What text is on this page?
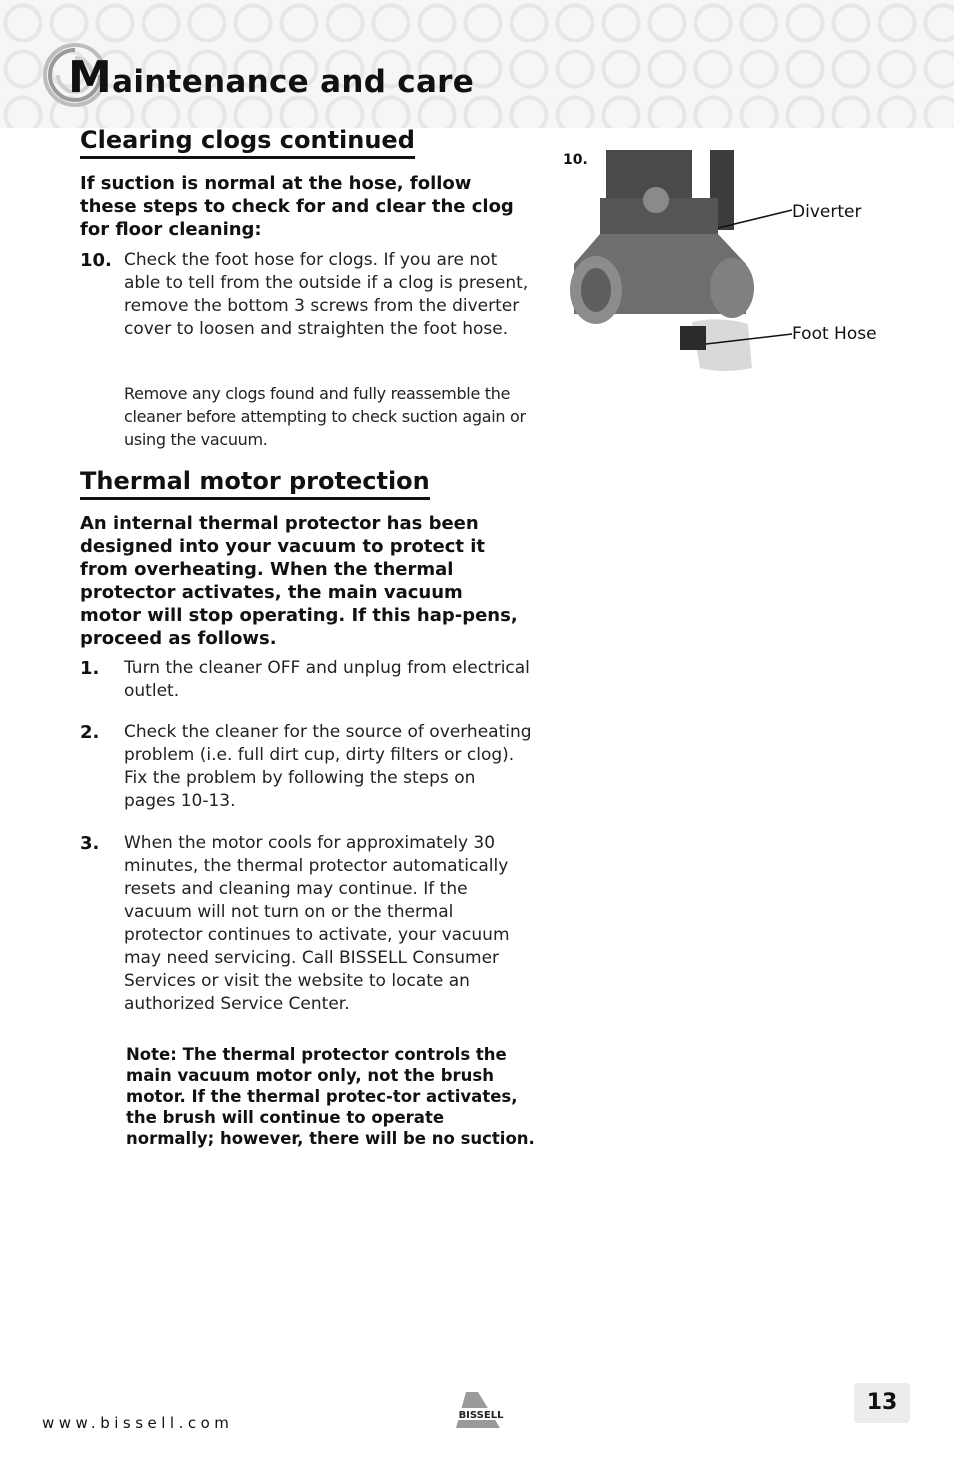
Maintenance and care
Clearing clogs continued

If suction is normal at the hose, follow these steps to check for and clear the clog for floor cleaning:

10. Check the foot hose for clogs. If you are not able to tell from the outside if a clog is present, remove the bottom 3 screws from the diverter cover to loosen and straighten the foot hose.

Remove any clogs found and fully reassemble the cleaner before attempting to check suction again or using the vacuum.

10.
Diverter
Foot Hose
Thermal motor protection

An internal thermal protector has been designed into your vacuum to protect it from overheating. When the thermal protector activates, the main vacuum motor will stop operating. If this hap-pens, proceed as follows.

1. Turn the cleaner OFF and unplug from electrical outlet.

2. Check the cleaner for the source of overheating problem (i.e. full dirt cup, dirty filters or clog). Fix the problem by following the steps on pages 10-13.

3. When the motor cools for approximately 30 minutes, the thermal protector automatically resets and cleaning may continue. If the vacuum will not turn on or the thermal protector continues to activate, your vacuum may need servicing. Call BISSELL Consumer Services or visit the website to locate an authorized Service Center.

Note: The thermal protector controls the main vacuum motor only, not the brush motor. If the thermal protec-tor activates, the brush will continue to operate normally; however, there will be no suction.

www.bissell.com	BISSELL
13
